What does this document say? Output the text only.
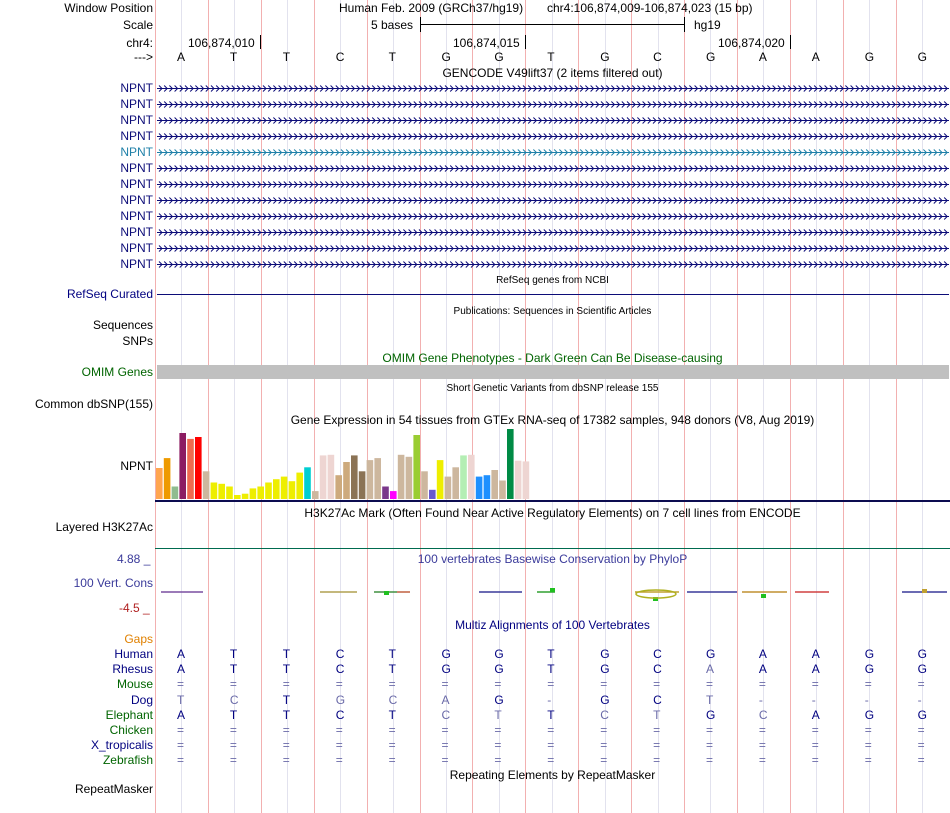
Window Position	Human Feb. 2009 (GRCh37/hg19) chr4:106,874,009-106,874,023 (15 bp)
Scale	5 bases	hg19
chr4:	106,874,010	106,874,015	106,874,020
---> A	T	T	C	T	G	G	T	G	C	G	A	A	G	G
GENCODE V49lift37 (2 items filtered out)
NPNT
NPNT
NPNT
NPNT
NPNT
NPNT
NPNT
NPNT
NPNT
NPNT
NPNT
NPNT
RefSeq genes from NCBI
RefSeq Curated
Publications: Sequences in Scientific Articles
Sequences
SNPs
OMIM Gene Phenotypes - Dark Green Can Be Disease-causing
OMIM Genes
Short Genetic Variants from dbSNP release 155
Common dbSNP(155)
Gene Expression in 54 tissues from GTEx RNA-seq of 17382 samples, 948 donors (V8, Aug 2019)
NPNT
H3K27Ac Mark (Often Found Near Active Regulatory Elements) on 7 cell lines from ENCODE
Layered H3K27Ac
100 vertebrates Basewise Conservation by PhyloP
4.88 _
100 Vert. Cons
-4.5 _
Multiz Alignments of 100 Vertebrates
Gaps
Human A	T	T	C	T	G	G	T	G	C	G	A	A	G	G
Rhesus A	T	T	C	T	G	G	T	G	C	A	A	A	G	G
Mouse =	=	=	=	=	=	=	=	=	=	=	=	=	=	=
Dog T	C	T	G	C	A	G	-	G	C	T	-	-	-	-
Elephant A	T	T	C	T	C	T	T	C	T	G	C	A	G	G
Chicken =	=	=	=	=	=	=	=	=	=	=	=	=	=	=
X_tropicalis =	=	=	=	=	=	=	=	=	=	=	=	=	=	=
Zebrafish =	=	=	=	=	=	=	=	=	=	=	=	=	=	=
Repeating Elements by RepeatMasker
RepeatMasker
